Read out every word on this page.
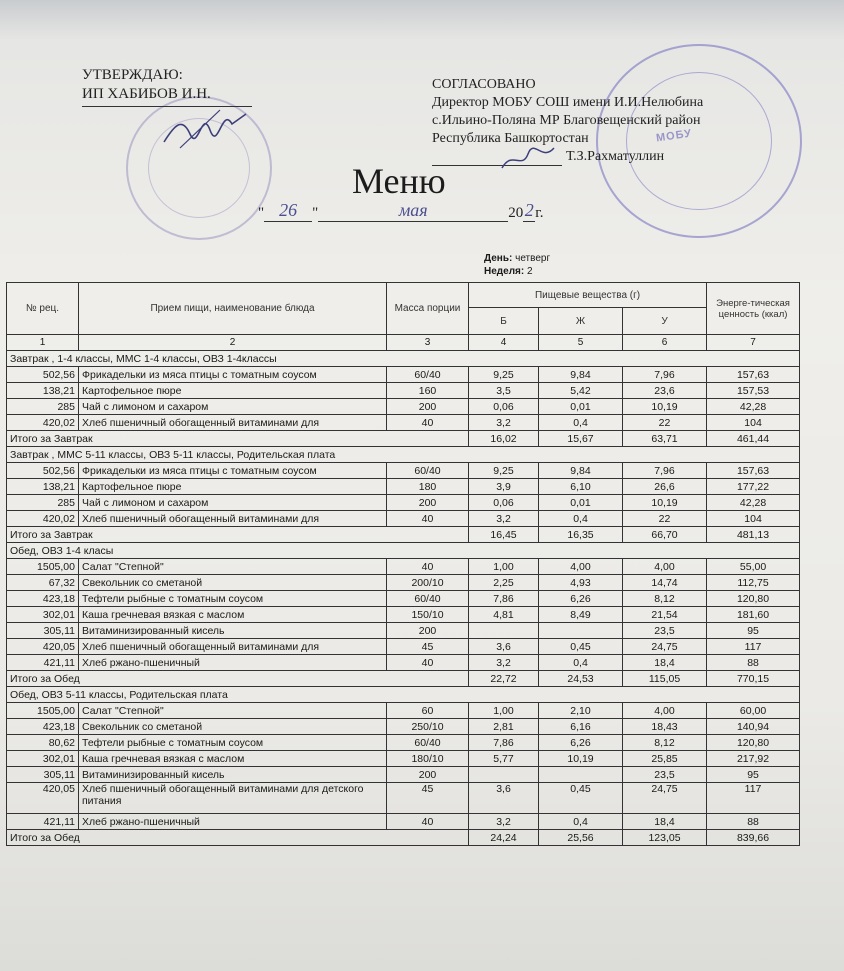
МОБУ
УТВЕРЖДАЮ:
ИП ХАБИБОВ И.Н.
СОГЛАСОВАНО
Директор МОБУ СОШ имени И.И.Нелюбина
с.Ильино-Поляна МР Благовещенский район
Республика Башкортостан
Т.З.Рахматуллин
Меню
" 26	"	мая	20 2 г.
День: четверг
Неделя: 2
№ рец.	Прием пищи, наименование блюда	Масса порции	Пищевые вещества (г)			Энерге-тическая ценность (ккал)
			Б	Ж	У	
1	2	3	4	5	6	7
Завтрак , 1-4 классы, ММС 1-4 классы, ОВЗ 1-4классы						
502,56	Фрикадельки из мяса птицы с томатным соусом	60/40	9,25	9,84	7,96	157,63
138,21	Картофельное пюре	160	3,5	5,42	23,6	157,53
285	Чай с лимоном и сахаром	200	0,06	0,01	10,19	42,28
420,02	Хлеб пшеничный обогащенный витаминами для	40	3,2	0,4	22	104
Итого за Завтрак			16,02	15,67	63,71	461,44
Завтрак , ММС 5-11 классы, ОВЗ 5-11 классы, Родительская плата						
502,56	Фрикадельки из мяса птицы с томатным соусом	60/40	9,25	9,84	7,96	157,63
138,21	Картофельное пюре	180	3,9	6,10	26,6	177,22
285	Чай с лимоном и сахаром	200	0,06	0,01	10,19	42,28
420,02	Хлеб пшеничный обогащенный витаминами для	40	3,2	0,4	22	104
Итого за Завтрак			16,45	16,35	66,70	481,13
Обед, ОВЗ 1-4 класы						
1505,00	Салат "Степной"	40	1,00	4,00	4,00	55,00
67,32	Свекольник со сметаной	200/10	2,25	4,93	14,74	112,75
423,18	Тефтели рыбные с томатным соусом	60/40	7,86	6,26	8,12	120,80
302,01	Каша гречневая вязкая с маслом	150/10	4,81	8,49	21,54	181,60
305,11	Витаминизированный кисель	200			23,5	95
420,05	Хлеб пшеничный обогащенный витаминами для	45	3,6	0,45	24,75	117
421,11	Хлеб ржано-пшеничный	40	3,2	0,4	18,4	88
Итого за Обед			22,72	24,53	115,05	770,15
Обед, ОВЗ 5-11 классы, Родительская плата						
1505,00	Салат "Степной"	60	1,00	2,10	4,00	60,00
423,18	Свекольник со сметаной	250/10	2,81	6,16	18,43	140,94
80,62	Тефтели рыбные с томатным соусом	60/40	7,86	6,26	8,12	120,80
302,01	Каша гречневая вязкая с маслом	180/10	5,77	10,19	25,85	217,92
305,11	Витаминизированный кисель	200			23,5	95
420,05	Хлеб пшеничный обогащенный витаминами для детского питания	45	3,6	0,45	24,75	117
421,11	Хлеб ржано-пшеничный	40	3,2	0,4	18,4	88
Итого за Обед			24,24	25,56	123,05	839,66
